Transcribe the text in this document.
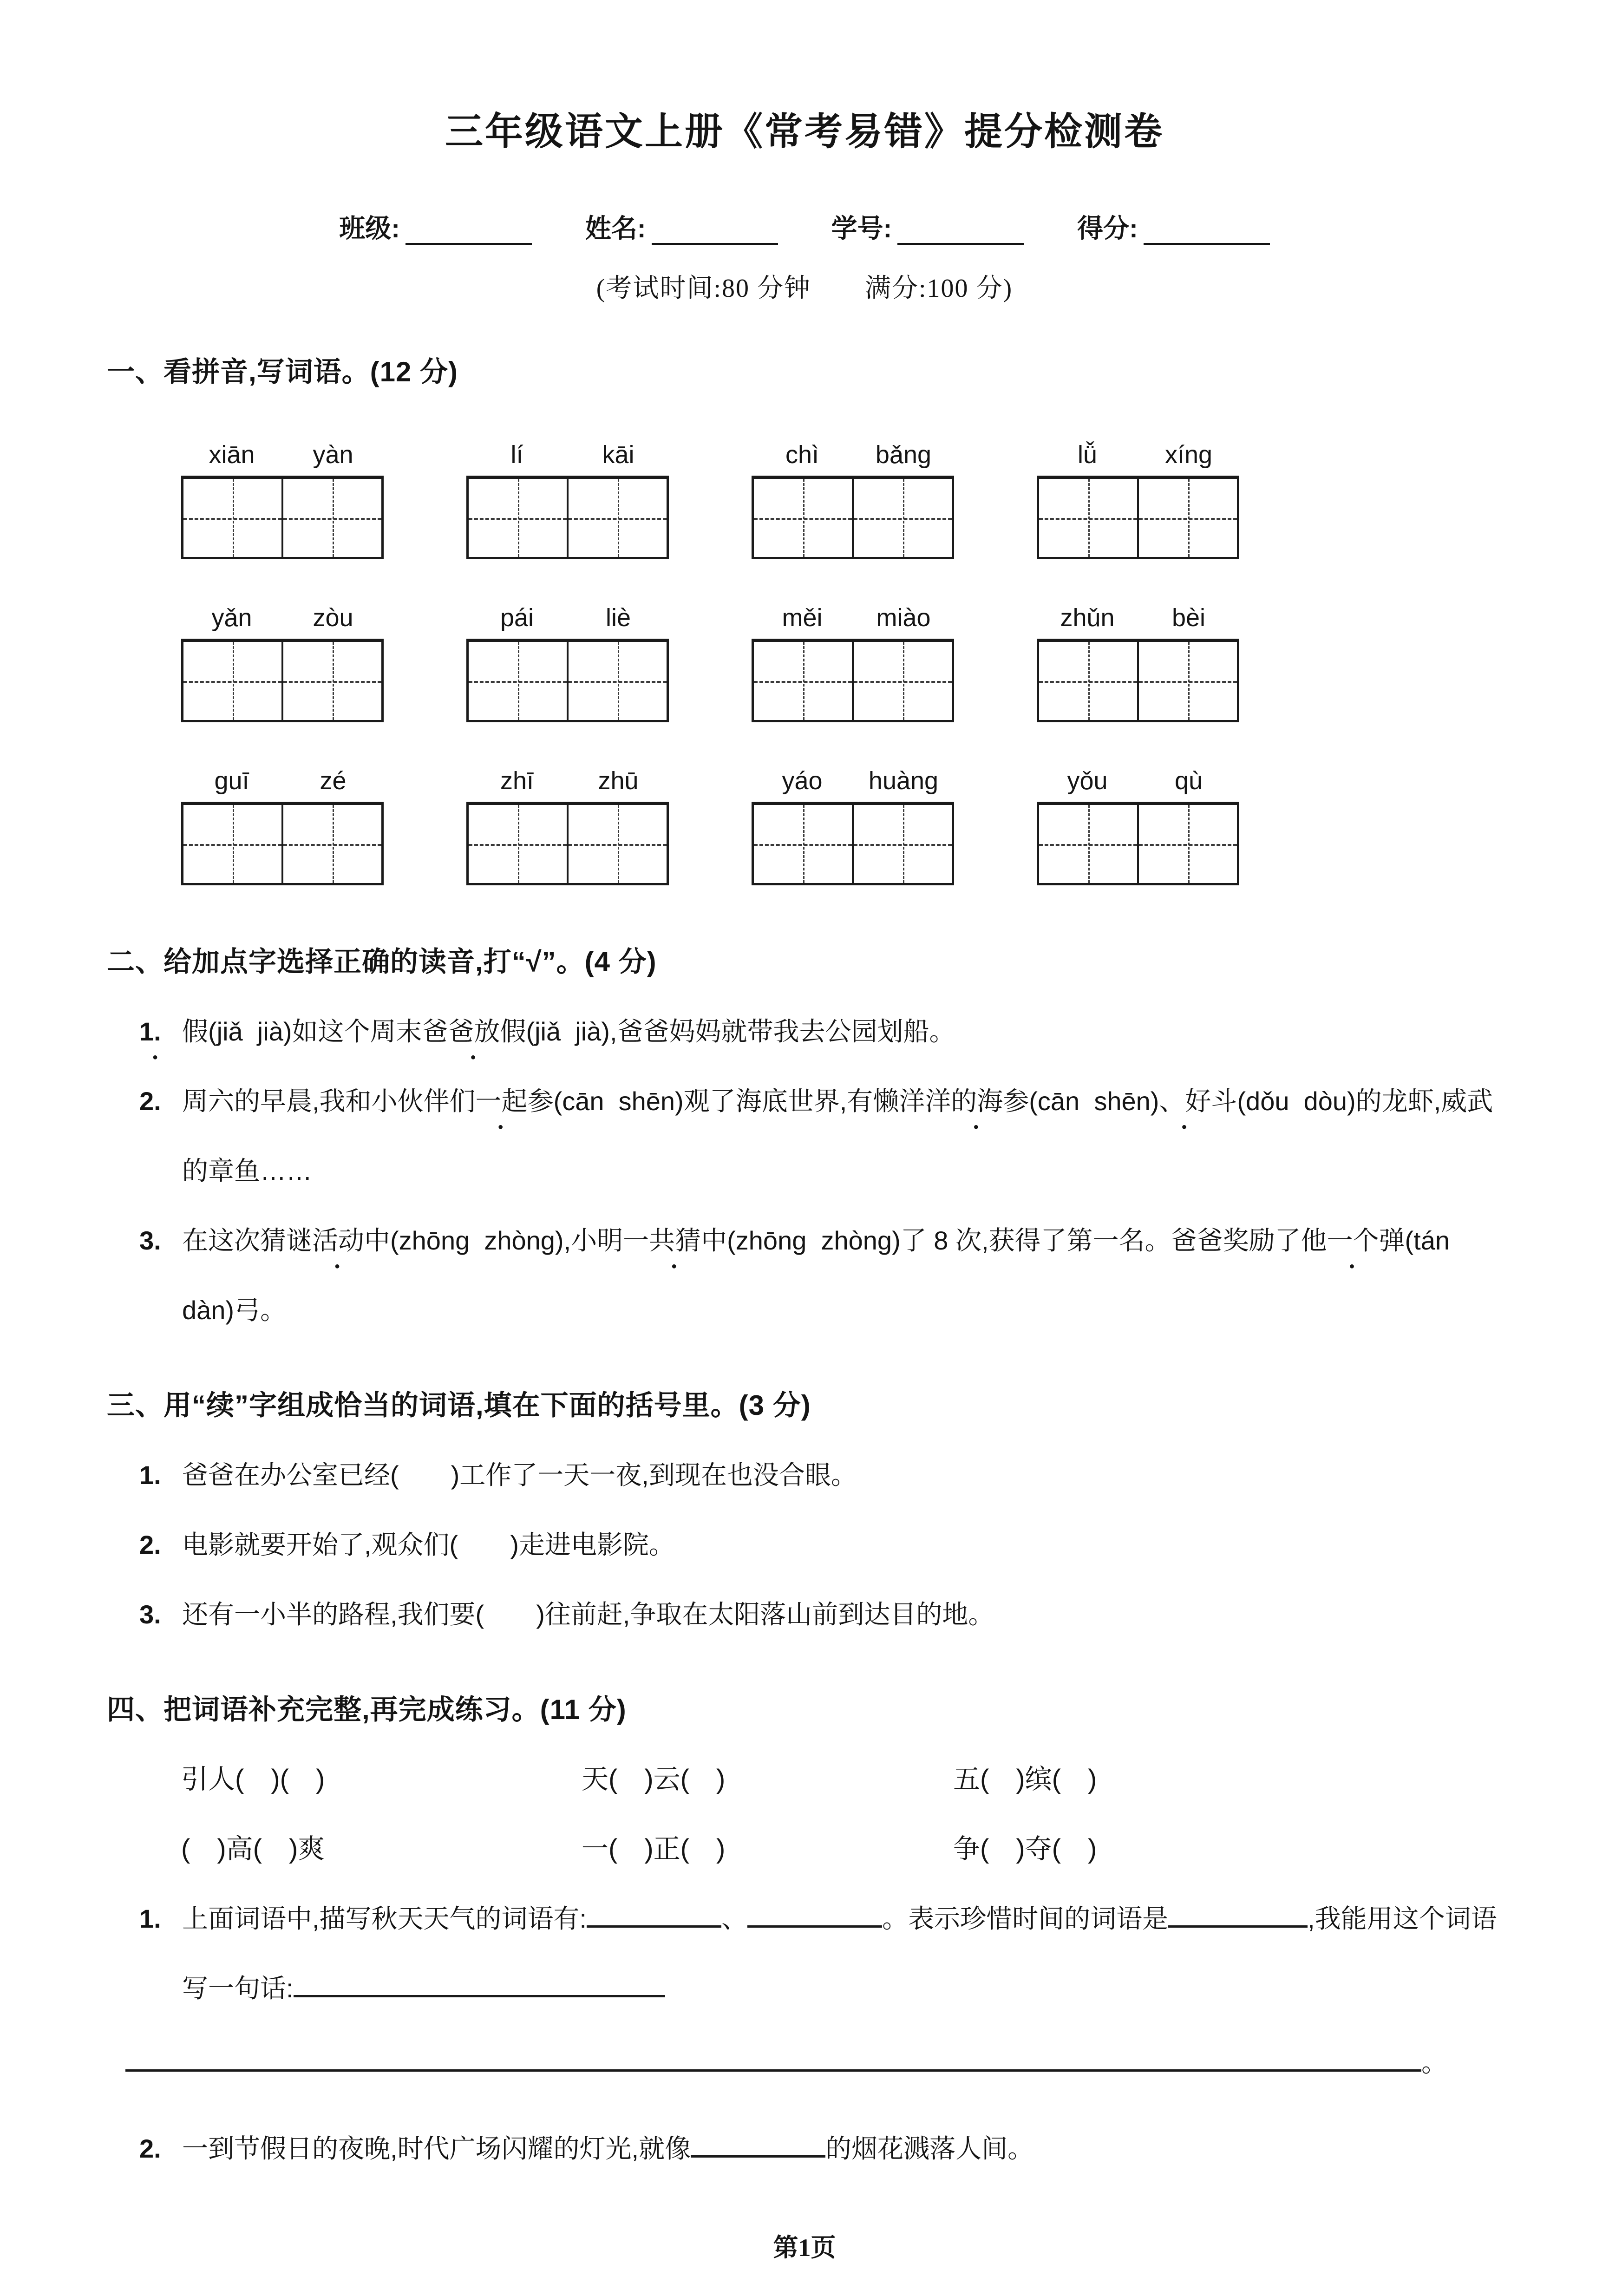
三年级语文上册《常考易错》提分检测卷
班级:	姓名:	学号:	得分:
(考试时间:80 分钟　　满分:100 分)
一、看拼音,写词语。(12 分)
xiān	yàn	lí	kāi	chì	bǎng	lǚ	xíng
yǎn	zòu	pái	liè	měi	miào	zhǔn	bèi
guī	zé	zhī	zhū	yáo	huàng	yǒu	qù
二、给加点字选择正确的读音,打“√”。(4 分)
1. 假 ●(jiǎ  jià)如这个周末爸爸放假 ●(jiǎ  jià),爸爸妈妈就带我去公园划船。
2. 周六的早晨,我和小伙伴们一起参 ●(cān  shēn)观了海底世界,有懒洋洋的海参 ●(cān  shēn)、好斗 ●(dǒu  dòu)的龙虾,威武的章鱼……
3. 在这次猜谜活动中 ●(zhōng  zhòng),小明一共猜中 ●(zhōng  zhòng)了 8 次,获得了第一名。爸爸奖励了他一个弹 ●(tán  dàn)弓。
三、用“续”字组成恰当的词语,填在下面的括号里。(3 分)
1. 爸爸在办公室已经(　　)工作了一天一夜,到现在也没合眼。
2. 电影就要开始了,观众们(　　)走进电影院。
3. 还有一小半的路程,我们要(　　)往前赶,争取在太阳落山前到达目的地。
四、把词语补充完整,再完成练习。(11 分)
引人(　)(　)	天(　)云(　)	五(　)缤(　)
(　)高(　)爽	一(　)正(　)	争(　)夺(　)
1. 上面词语中,描写秋天天气的词语有:	、	。表示珍惜时间的词语是	,我能用这个词语写一句话:
。
2. 一到节假日的夜晚,时代广场闪耀的灯光,就像	的烟花溅落人间。
第1页
